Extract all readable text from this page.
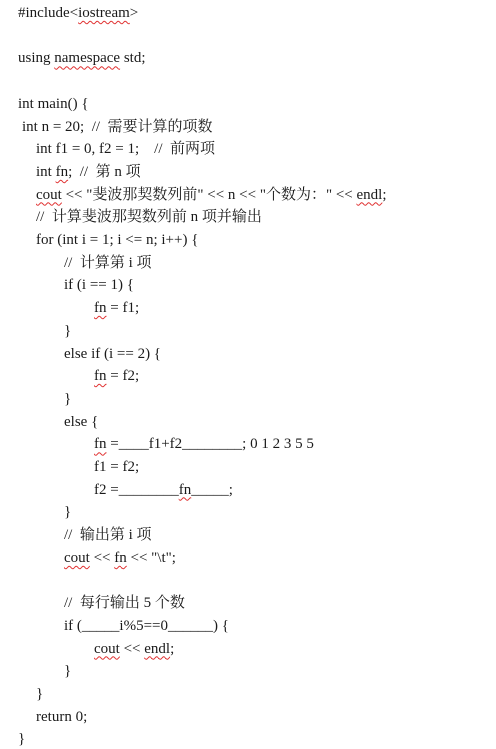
#include<iostream>
using namespace std;
int main() {
int n = 20;  //  需要计算的项数
int f1 = 0, f2 = 1;    //  前两项
int fn;  //  第 n 项
cout << "斐波那契数列前" << n << "个数为：" << endl;
//  计算斐波那契数列前 n 项并输出
for (int i = 1; i <= n; i++) {
//  计算第 i 项
if (i == 1) {
fn = f1;
}
else if (i == 2) {
fn = f2;
}
else {
fn =____f1+f2________; 0 1 2 3 5 5
f1 = f2;
f2 =________fn_____;
}
//  输出第 i 项
cout << fn << "\t";
//  每行输出 5 个数
if (_____i%5==0______) {
cout << endl;
}
}
return 0;
}
